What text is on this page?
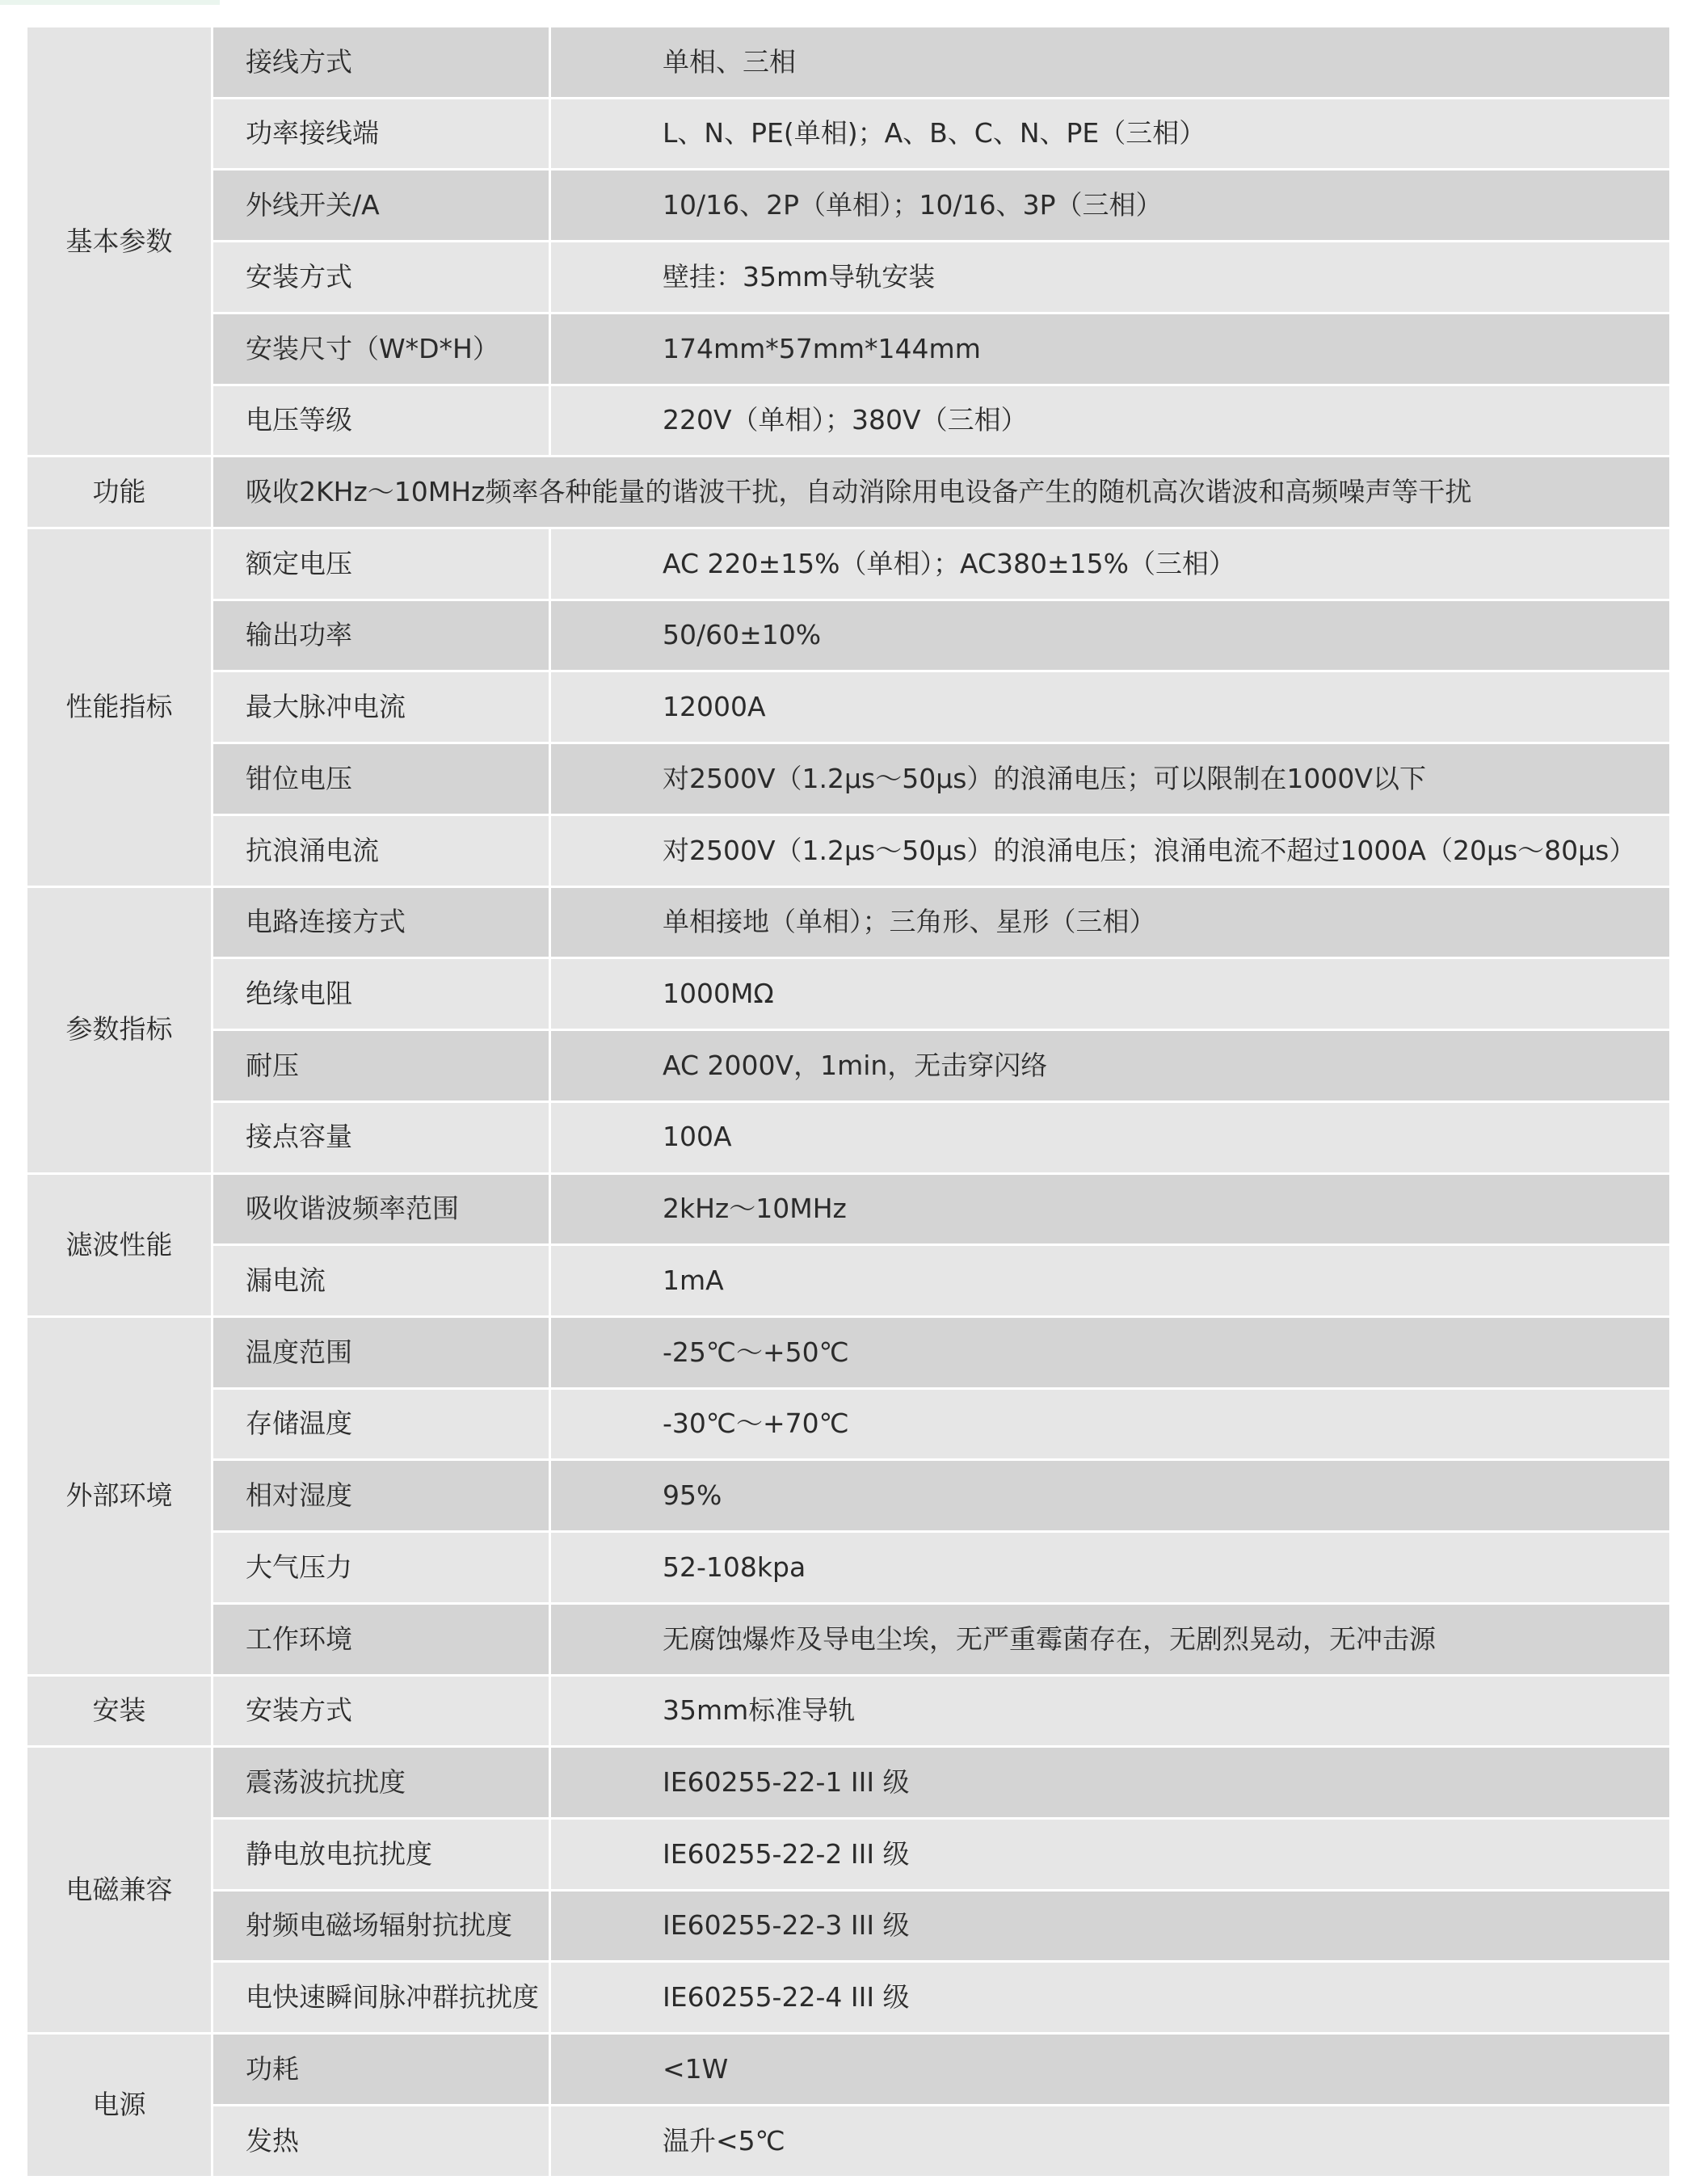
基本参数	接线方式	单相、三相
	功率接线端	L、N、PE(单相)；A、B、C、N、PE（三相）
	外线开关/A	10/16、2P（单相）；10/16、3P（三相）
	安装方式	壁挂：35mm导轨安装
	安装尺寸（W*D*H）	174mm*57mm*144mm
	电压等级	220V（单相）；380V（三相）
功能	吸收2KHz～10MHz频率各种能量的谐波干扰，自动消除用电设备产生的随机高次谐波和高频噪声等干扰	
性能指标	额定电压	AC 220±15%（单相）；AC380±15%（三相）
	输出功率	50/60±10%
	最大脉冲电流	12000A
	钳位电压	对2500V（1.2μs～50μs）的浪涌电压；可以限制在1000V以下
	抗浪涌电流	对2500V（1.2μs～50μs）的浪涌电压；浪涌电流不超过1000A（20μs～80μs）
参数指标	电路连接方式	单相接地（单相）；三角形、星形（三相）
	绝缘电阻	1000MΩ
	耐压	AC 2000V，1min，无击穿闪络
	接点容量	100A
滤波性能	吸收谐波频率范围	2kHz～10MHz
	漏电流	1mA
外部环境	温度范围	-25℃～+50℃
	存储温度	-30℃～+70℃
	相对湿度	95%
	大气压力	52-108kpa
	工作环境	无腐蚀爆炸及导电尘埃，无严重霉菌存在，无剧烈晃动，无冲击源
安装	安装方式	35mm标准导轨
电磁兼容	震荡波抗扰度	IE60255-22-1 III 级
	静电放电抗扰度	IE60255-22-2 III 级
	射频电磁场辐射抗扰度	IE60255-22-3 III 级
	电快速瞬间脉冲群抗扰度	IE60255-22-4 III 级
电源	功耗	<1W
	发热	温升<5℃
